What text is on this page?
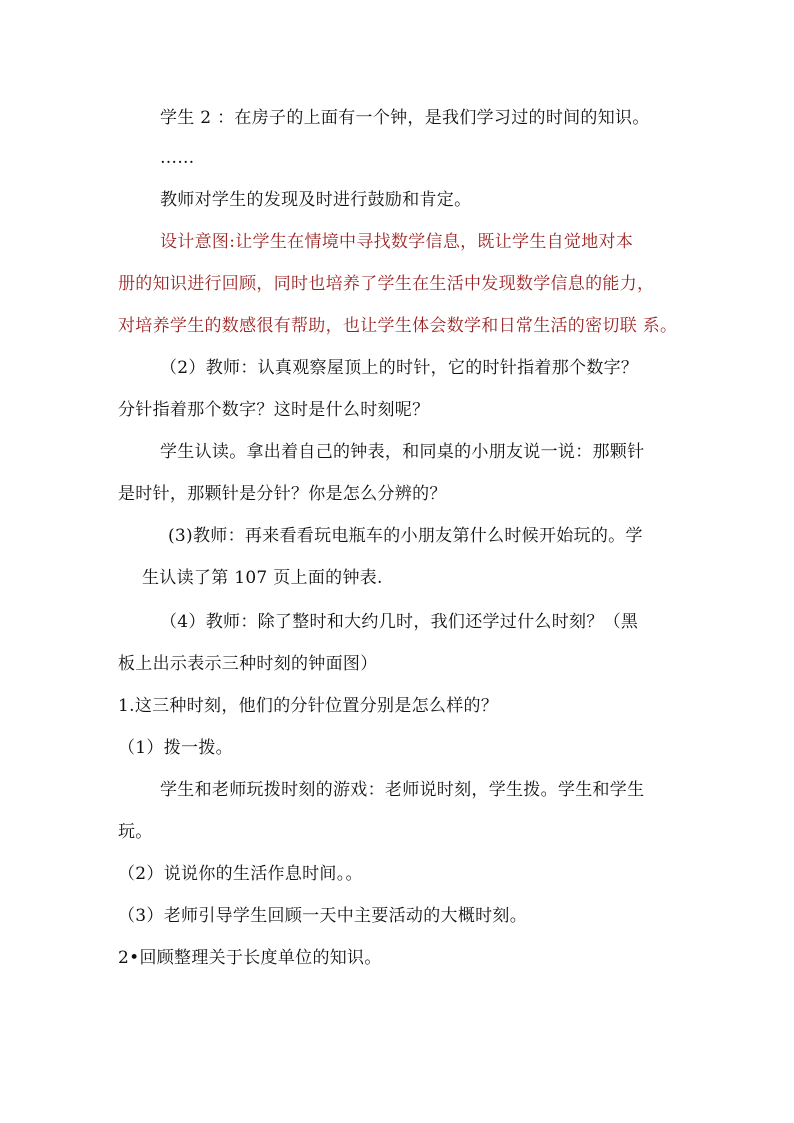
学生 2 ：在房子的上面有一个钟，是我们学习过的时间的知识。
……
教师对学生的发现及时进行鼓励和肯定。
设计意图:让学生在情境中寻找数学信息，既让学生自觉地对本
册的知识进行回顾，同时也培养了学生在生活中发现数学信息的能力，
对培养学生的数感很有帮助，也让学生体会数学和日常生活的密切联 系。
（2）教师：认真观察屋顶上的时针，它的时针指着那个数字？
分针指着那个数字？这时是什么时刻呢？
学生认读。拿出着自己的钟表，和同桌的小朋友说一说：那颗针
是时针，那颗针是分针？你是怎么分辨的？
(3)教师：再来看看玩电瓶车的小朋友第什么时候开始玩的。学
生认读了第 107 页上面的钟表.
（4）教师：除了整时和大约几时，我们还学过什么时刻？（黑
板上出示表示三种时刻的钟面图）
1.这三种时刻，他们的分针位置分别是怎么样的？
（1）拨一拨。
学生和老师玩拨时刻的游戏：老师说时刻，学生拨。学生和学生
玩。
（2）说说你的生活作息时间。。
（3）老师引导学生回顾一天中主要活动的大概时刻。
2•回顾整理关于长度单位的知识。
